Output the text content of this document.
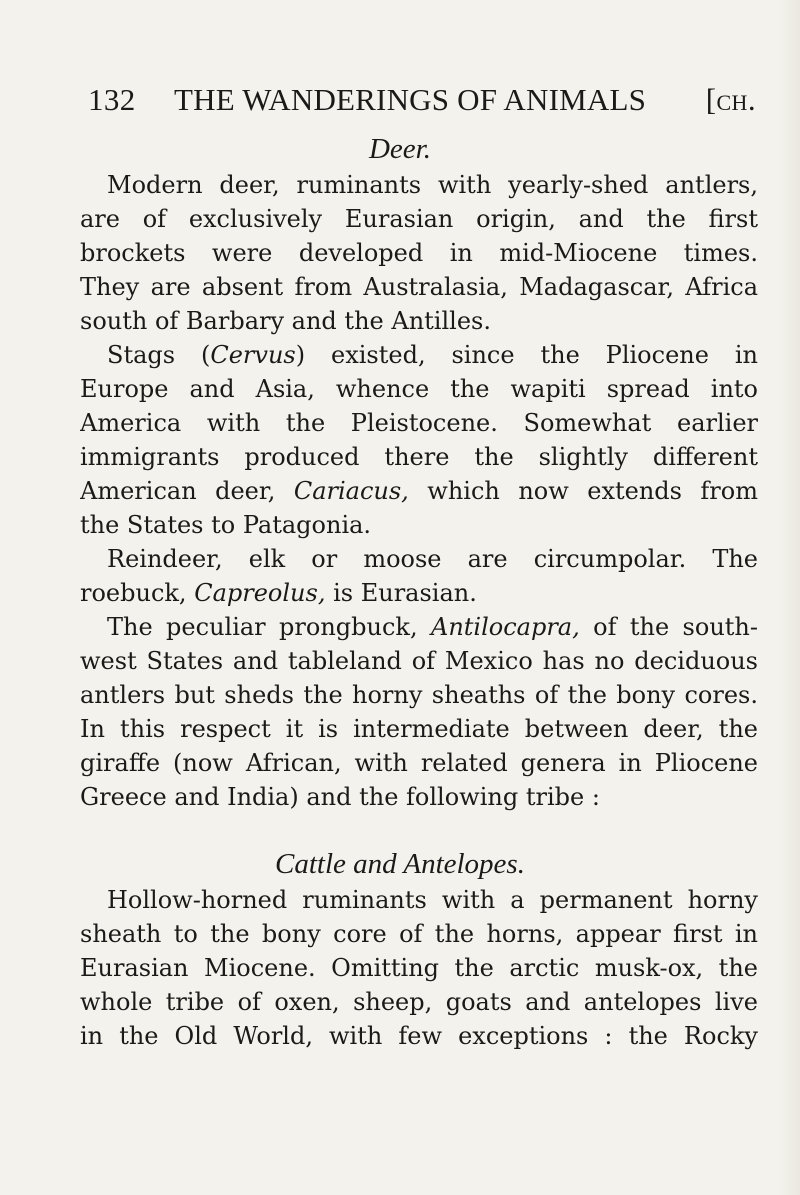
132 THE WANDERINGS OF ANIMALS [ch.
Deer.
Modern deer, ruminants with yearly-shed antlers,
are of exclusively Eurasian origin, and the first
brockets were developed in mid-Miocene times.
They are absent from Australasia, Madagascar, Africa
south of Barbary and the Antilles.
Stags (Cervus) existed, since the Pliocene in
Europe and Asia, whence the wapiti spread into
America with the Pleistocene. Somewhat earlier
immigrants produced there the slightly different
American deer, Cariacus, which now extends from
the States to Patagonia.
Reindeer, elk or moose are circumpolar. The
roebuck, Capreolus, is Eurasian.
The peculiar prongbuck, Antilocapra, of the south-
west States and tableland of Mexico has no deciduous
antlers but sheds the horny sheaths of the bony cores.
In this respect it is intermediate between deer, the
giraffe (now African, with related genera in Pliocene
Greece and India) and the following tribe :
Cattle and Antelopes.
Hollow-horned ruminants with a permanent horny
sheath to the bony core of the horns, appear first in
Eurasian Miocene. Omitting the arctic musk-ox, the
whole tribe of oxen, sheep, goats and antelopes live
in the Old World, with few exceptions : the Rocky
